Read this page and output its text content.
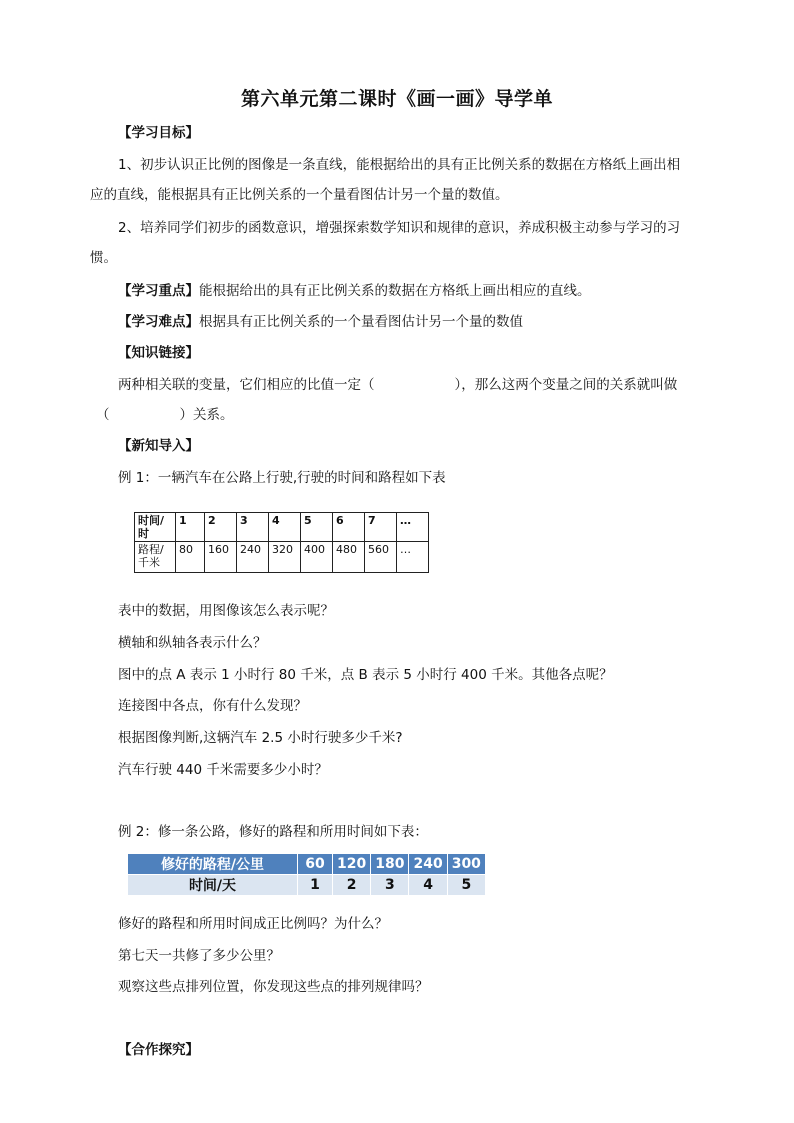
第六单元第二课时《画一画》导学单
【学习目标】
1、初步认识正比例的图像是一条直线，能根据给出的具有正比例关系的数据在方格纸上画出相
应的直线，能根据具有正比例关系的一个量看图估计另一个量的数值。
2、培养同学们初步的函数意识，增强探索数学知识和规律的意识，养成积极主动参与学习的习
惯。
【学习重点】能根据给出的具有正比例关系的数据在方格纸上画出相应的直线。
【学习难点】根据具有正比例关系的一个量看图估计另一个量的数值
【知识链接】
两种相关联的变量，它们相应的比值一定（	），那么这两个变量之间的关系就叫做
（	）关系。
【新知导入】
例 1：一辆汽车在公路上行驶,行驶的时间和路程如下表
时间/
时	1	2	3	4	5	6	7	…
路程/
千米	80	160	240	320	400	480	560	…
表中的数据，用图像该怎么表示呢？
横轴和纵轴各表示什么？
图中的点 A 表示 1 小时行 80 千米，点 B 表示 5 小时行 400 千米。其他各点呢？
连接图中各点，你有什么发现？
根据图像判断,这辆汽车 2.5 小时行驶多少千米?
汽车行驶 440 千米需要多少小时？
例 2：修一条公路，修好的路程和所用时间如下表：
修好的路程/公里	60	120	180	240	300
时间/天	1	2	3	4	5
修好的路程和所用时间成正比例吗？为什么？
第七天一共修了多少公里？
观察这些点排列位置，你发现这些点的排列规律吗？
【合作探究】
